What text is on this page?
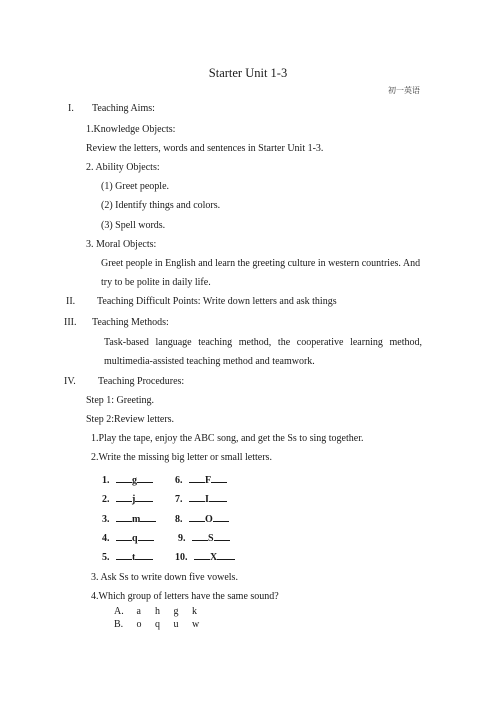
Starter Unit 1-3
初一英语
I. Teaching Aims:
1.Knowledge Objects:
Review the letters, words and sentences in Starter Unit 1-3.
2. Ability Objects:
(1) Greet people.
(2) Identify things and colors.
(3) Spell words.
3. Moral Objects:
Greet people in English and learn the greeting culture in western countries. And
try to be polite in daily life.
II. Teaching Difficult Points: Write down letters and ask things
III. Teaching Methods:
Task-based language teaching method, the cooperative learning method,
multimedia-assisted teaching method and teamwork.
IV. Teaching Procedures:
Step 1: Greeting.
Step 2:Review letters.
1.Play the tape, enjoy the ABC song, and get the Ss to sing together.
2.Write the missing big letter or small letters.
1. g	6. F
2. j	7. I
3. m	8. O
4. q	9. S
5. t	10. X
3. Ask Ss to write down five vowels.
4.Which group of letters have the same sound?
A. a h g k
B. o q u w
